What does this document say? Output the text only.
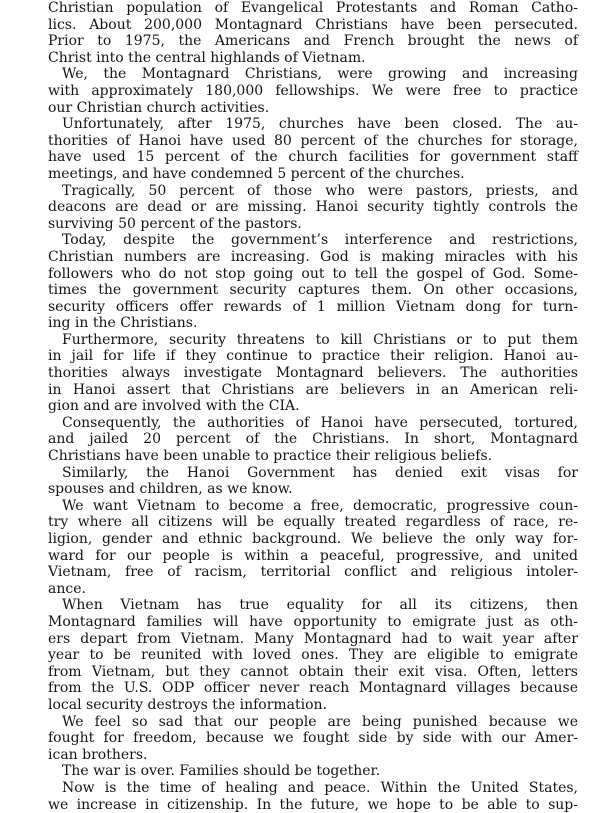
Christian population of Evangelical Protestants and Roman Catho-
lics. About 200,000 Montagnard Christians have been persecuted.
Prior to 1975, the Americans and French brought the news of
Christ into the central highlands of Vietnam.
We, the Montagnard Christians, were growing and increasing
with approximately 180,000 fellowships. We were free to practice
our Christian church activities.
Unfortunately, after 1975, churches have been closed. The au-
thorities of Hanoi have used 80 percent of the churches for storage,
have used 15 percent of the church facilities for government staff
meetings, and have condemned 5 percent of the churches.
Tragically, 50 percent of those who were pastors, priests, and
deacons are dead or are missing. Hanoi security tightly controls the
surviving 50 percent of the pastors.
Today, despite the government’s interference and restrictions,
Christian numbers are increasing. God is making miracles with his
followers who do not stop going out to tell the gospel of God. Some-
times the government security captures them. On other occasions,
security officers offer rewards of 1 million Vietnam dong for turn-
ing in the Christians.
Furthermore, security threatens to kill Christians or to put them
in jail for life if they continue to practice their religion. Hanoi au-
thorities always investigate Montagnard believers. The authorities
in Hanoi assert that Christians are believers in an American reli-
gion and are involved with the CIA.
Consequently, the authorities of Hanoi have persecuted, tortured,
and jailed 20 percent of the Christians. In short, Montagnard
Christians have been unable to practice their religious beliefs.
Similarly, the Hanoi Government has denied exit visas for
spouses and children, as we know.
We want Vietnam to become a free, democratic, progressive coun-
try where all citizens will be equally treated regardless of race, re-
ligion, gender and ethnic background. We believe the only way for-
ward for our people is within a peaceful, progressive, and united
Vietnam, free of racism, territorial conflict and religious intoler-
ance.
When Vietnam has true equality for all its citizens, then
Montagnard families will have opportunity to emigrate just as oth-
ers depart from Vietnam. Many Montagnard had to wait year after
year to be reunited with loved ones. They are eligible to emigrate
from Vietnam, but they cannot obtain their exit visa. Often, letters
from the U.S. ODP officer never reach Montagnard villages because
local security destroys the information.
We feel so sad that our people are being punished because we
fought for freedom, because we fought side by side with our Amer-
ican brothers.
The war is over. Families should be together.
Now is the time of healing and peace. Within the United States,
we increase in citizenship. In the future, we hope to be able to sup-
